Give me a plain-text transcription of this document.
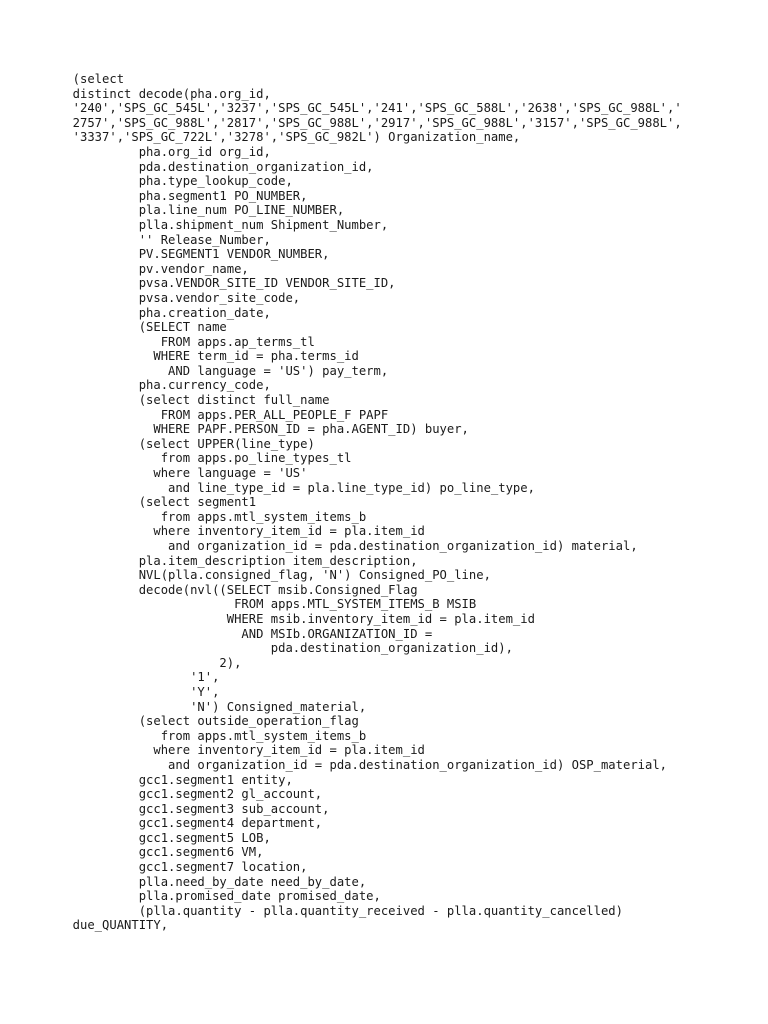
(select
distinct decode(pha.org_id,
'240','SPS_GC_545L','3237','SPS_GC_545L','241','SPS_GC_588L','2638','SPS_GC_988L','
2757','SPS_GC_988L','2817','SPS_GC_988L','2917','SPS_GC_988L','3157','SPS_GC_988L',
'3337','SPS_GC_722L','3278','SPS_GC_982L') Organization_name,
pha.org_id org_id,
pda.destination_organization_id,
pha.type_lookup_code,
pha.segment1 PO_NUMBER,
pla.line_num PO_LINE_NUMBER,
plla.shipment_num Shipment_Number,
'' Release_Number,
PV.SEGMENT1 VENDOR_NUMBER,
pv.vendor_name,
pvsa.VENDOR_SITE_ID VENDOR_SITE_ID,
pvsa.vendor_site_code,
pha.creation_date,
(SELECT name
FROM apps.ap_terms_tl
WHERE term_id = pha.terms_id
AND language = 'US') pay_term,
pha.currency_code,
(select distinct full_name
FROM apps.PER_ALL_PEOPLE_F PAPF
WHERE PAPF.PERSON_ID = pha.AGENT_ID) buyer,
(select UPPER(line_type)
from apps.po_line_types_tl
where language = 'US'
and line_type_id = pla.line_type_id) po_line_type,
(select segment1
from apps.mtl_system_items_b
where inventory_item_id = pla.item_id
and organization_id = pda.destination_organization_id) material,
pla.item_description item_description,
NVL(plla.consigned_flag, 'N') Consigned_PO_line,
decode(nvl((SELECT msib.Consigned_Flag
FROM apps.MTL_SYSTEM_ITEMS_B MSIB
WHERE msib.inventory_item_id = pla.item_id
AND MSIb.ORGANIZATION_ID =
pda.destination_organization_id),
2),
'1',
'Y',
'N') Consigned_material,
(select outside_operation_flag
from apps.mtl_system_items_b
where inventory_item_id = pla.item_id
and organization_id = pda.destination_organization_id) OSP_material,
gcc1.segment1 entity,
gcc1.segment2 gl_account,
gcc1.segment3 sub_account,
gcc1.segment4 department,
gcc1.segment5 LOB,
gcc1.segment6 VM,
gcc1.segment7 location,
plla.need_by_date need_by_date,
plla.promised_date promised_date,
(plla.quantity - plla.quantity_received - plla.quantity_cancelled)
due_QUANTITY,
